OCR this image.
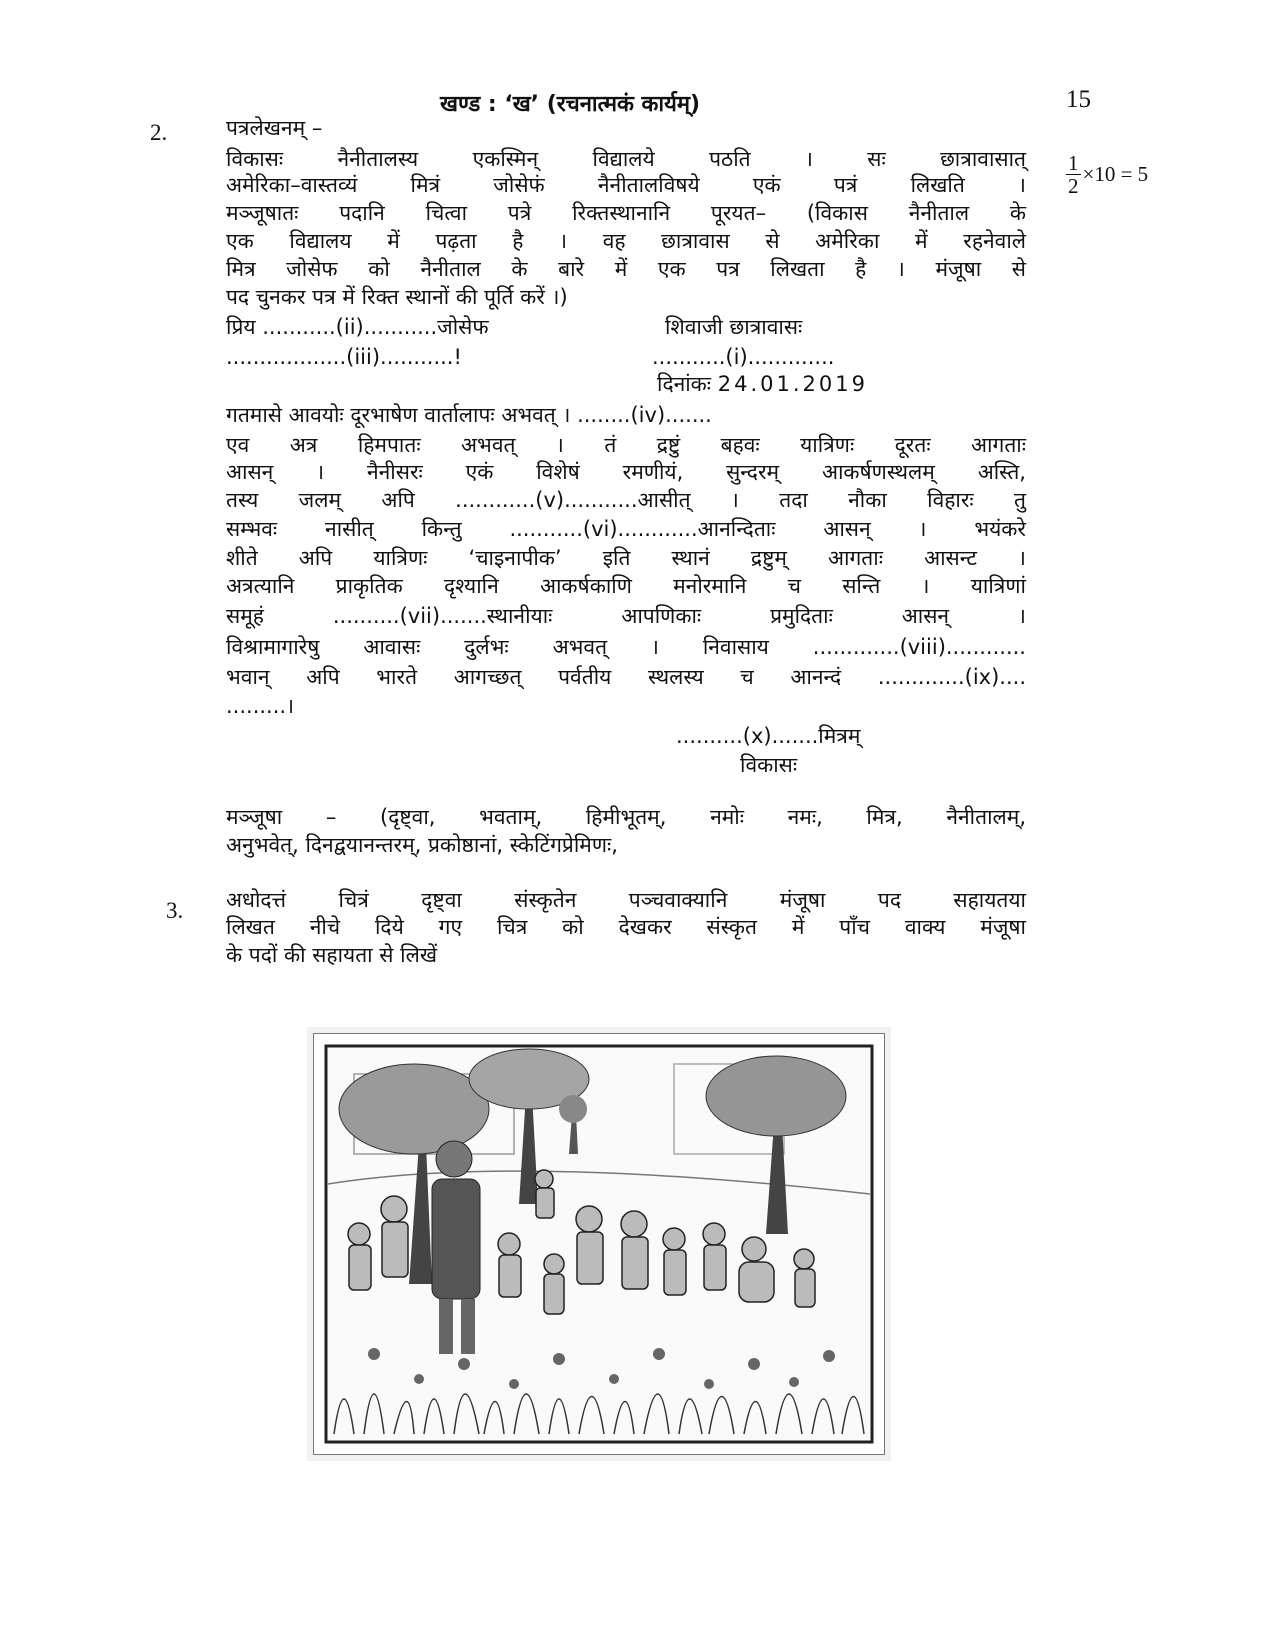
खण्ड : ‘ख’ (रचनात्मकं कार्यम्)	15
2.	पत्रलेखनम् –
$\frac{1}{2} \times 10 = 5$
विकासः नैनीतालस्य एकस्मिन् विद्यालये पठति । सः छात्रावासात्
अमेरिका–वास्तव्यं मित्रं जोसेफं नैनीतालविषये एकं पत्रं लिखति ।
मञ्जूषातः पदानि चित्वा पत्रे रिक्तस्थानानि पूरयत– (विकास नैनीताल के
एक विद्यालय में पढ़ता है । वह छात्रावास से अमेरिका में रहनेवाले
मित्र जोसेफ को नैनीताल के बारे में एक पत्र लिखता है । मंजूषा से
पद चुनकर पत्र में रिक्त स्थानों की पूर्ति करें ।)
प्रिय ...........(ii)...........जोसेफ	शिवाजी छात्रावासः
..................(iii)...........!	...........(i).............
दिनांकः 24.01.2019
गतमासे आवयोः दूरभाषेण वार्तालापः अभवत् । ........(iv).......
एव अत्र हिमपातः अभवत् । तं द्रष्टुं बहवः यात्रिणः दूरतः आगताः
आसन् । नैनीसरः एकं विशेषं रमणीयं, सुन्दरम् आकर्षणस्थलम् अस्ति,
तस्य जलम् अपि ............(v)...........आसीत् । तदा नौका विहारः तु
सम्भवः नासीत् किन्तु ...........(vi)............आनन्दिताः आसन् । भयंकरे
शीते अपि यात्रिणः ‘चाइनापीक’ इति स्थानं द्रष्टुम् आगताः आसन्ट ।
अत्रत्यानि प्राकृतिक दृश्यानि आकर्षकाणि मनोरमानि च सन्ति । यात्रिणां
समूहं ..........(vii).......स्थानीयाः आपणिकाः प्रमुदिताः आसन् ।
विश्रामागारेषु आवासः दुर्लभः अभवत् । निवासाय .............(viii)............
भवान् अपि भारते आगच्छत् पर्वतीय स्थलस्य च आनन्दं .............(ix)....
.........।
..........(x).......मित्रम्
विकासः
मञ्जूषा – (दृष्ट्वा, भवताम्, हिमीभूतम्, नमोः नमः, मित्र, नैनीतालम्,
अनुभवेत्, दिनद्वयानन्तरम्, प्रकोष्ठानां, स्केटिंगप्रेमिणः,
3. अधोदत्तं चित्रं दृष्ट्वा संस्कृतेन पञ्चवाक्यानि मंजूषा पद सहायतया
लिखत नीचे दिये गए चित्र को देखकर संस्कृत में पाँच वाक्य मंजूषा
के पदों की सहायता से लिखें
